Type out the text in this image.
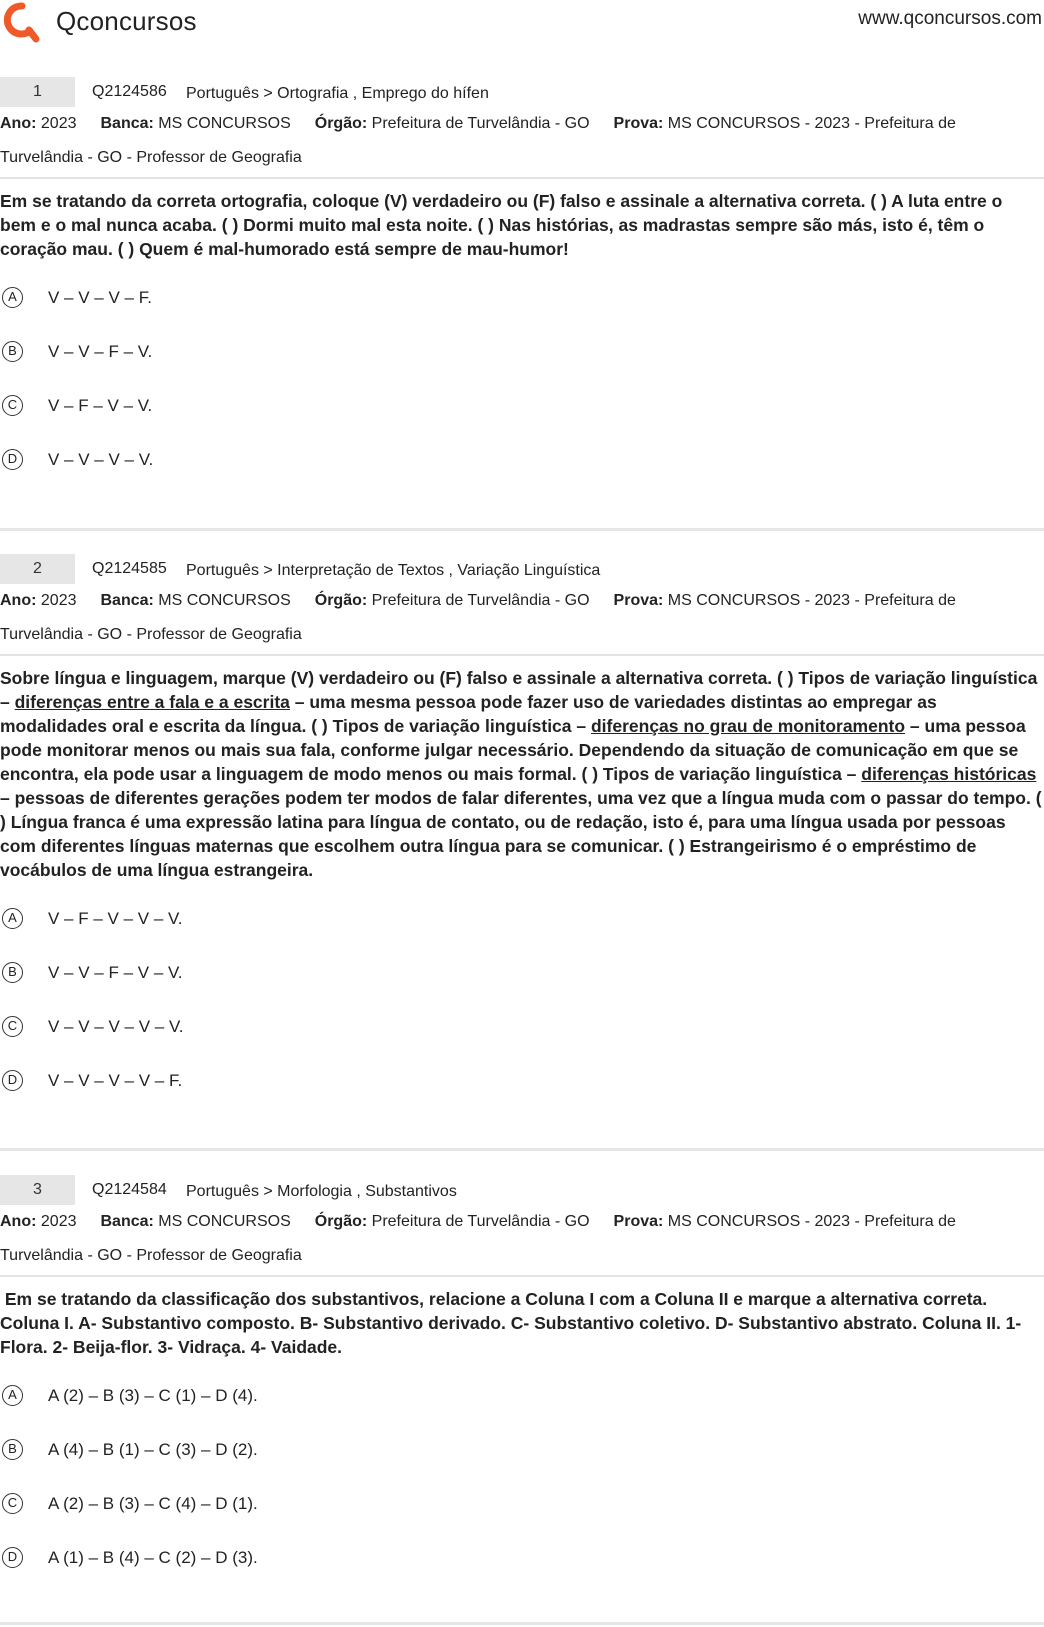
Qconcursos	www.qconcursos.com
1	Q2124586 Português > Ortografia , Emprego do hífen
Ano: 2023 Banca: MS CONCURSOS Órgão: Prefeitura de Turvelândia - GO Prova: MS CONCURSOS - 2023 - Prefeitura de Turvelândia - GO - Professor de Geografia
Em se tratando da correta ortografia, coloque (V) verdadeiro ou (F) falso e assinale a alternativa correta. ( ) A luta entre o bem e o mal nunca acaba. ( ) Dormi muito mal esta noite. ( ) Nas histórias, as madrastas sempre são más, isto é, têm o coração mau. ( ) Quem é mal-humorado está sempre de mau-humor!
A	V – V – V – F.
B	V – V – F – V.
C	V – F – V – V.
D	V – V – V – V.
2	Q2124585 Português > Interpretação de Textos , Variação Linguística
Ano: 2023 Banca: MS CONCURSOS Órgão: Prefeitura de Turvelândia - GO Prova: MS CONCURSOS - 2023 - Prefeitura de Turvelândia - GO - Professor de Geografia
Sobre língua e linguagem, marque (V) verdadeiro ou (F) falso e assinale a alternativa correta. ( ) Tipos de variação linguística – diferenças entre a fala e a escrita – uma mesma pessoa pode fazer uso de variedades distintas ao empregar as modalidades oral e escrita da língua. ( ) Tipos de variação linguística – diferenças no grau de monitoramento – uma pessoa pode monitorar menos ou mais sua fala, conforme julgar necessário. Dependendo da situação de comunicação em que se encontra, ela pode usar a linguagem de modo menos ou mais formal. ( ) Tipos de variação linguística – diferenças históricas – pessoas de diferentes gerações podem ter modos de falar diferentes, uma vez que a língua muda com o passar do tempo. ( ) Língua franca é uma expressão latina para língua de contato, ou de redação, isto é, para uma língua usada por pessoas com diferentes línguas maternas que escolhem outra língua para se comunicar. ( ) Estrangeirismo é o empréstimo de vocábulos de uma língua estrangeira.
A	V – F – V – V – V.
B	V – V – F – V – V.
C	V – V – V – V – V.
D	V – V – V – V – F.
3	Q2124584 Português > Morfologia , Substantivos
Ano: 2023 Banca: MS CONCURSOS Órgão: Prefeitura de Turvelândia - GO Prova: MS CONCURSOS - 2023 - Prefeitura de Turvelândia - GO - Professor de Geografia
Em se tratando da classificação dos substantivos, relacione a Coluna I com a Coluna II e marque a alternativa correta. Coluna I. A- Substantivo composto. B- Substantivo derivado. C- Substantivo coletivo. D- Substantivo abstrato. Coluna II. 1- Flora. 2- Beija-flor. 3- Vidraça. 4- Vaidade.
A	A (2) – B (3) – C (1) – D (4).
B	A (4) – B (1) – C (3) – D (2).
C	A (2) – B (3) – C (4) – D (1).
D	A (1) – B (4) – C (2) – D (3).
